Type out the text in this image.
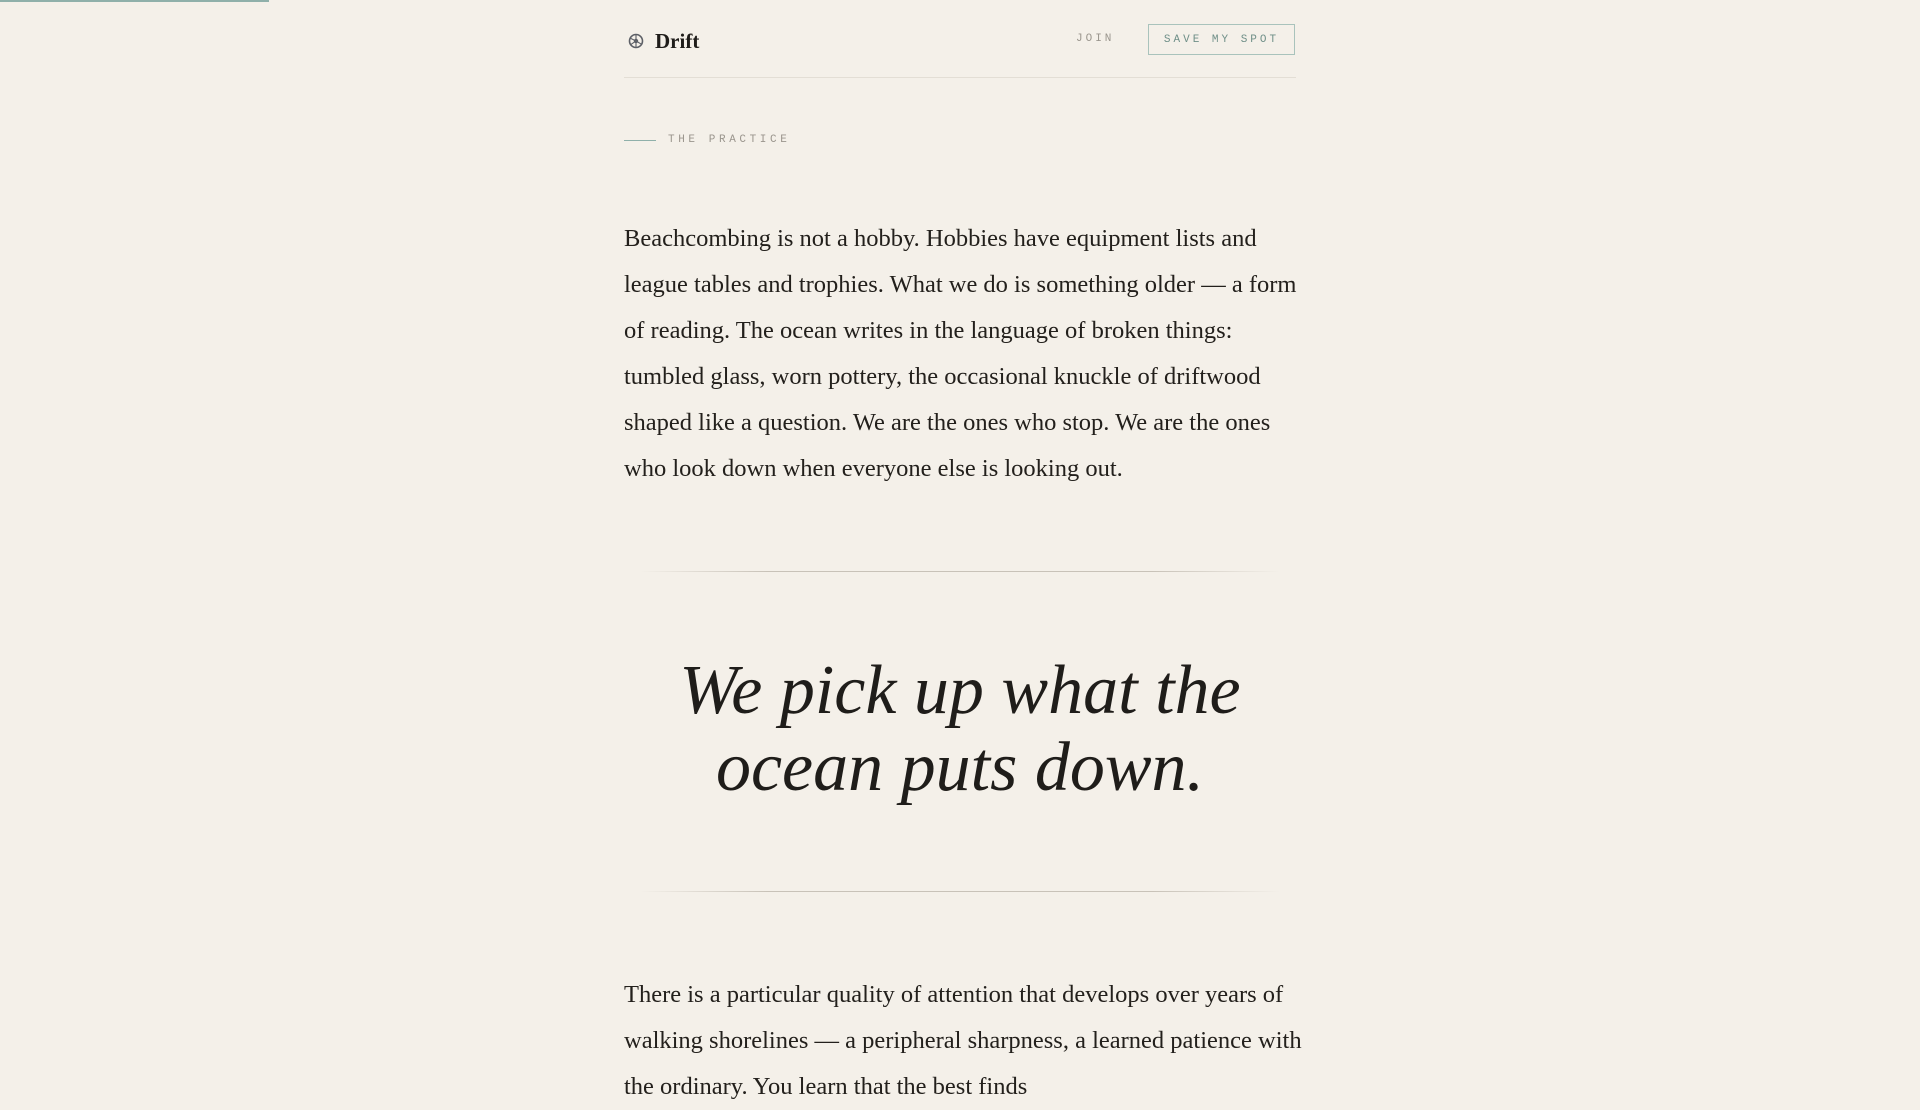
Drift	JOIN	SAVE MY SPOT
THE PRACTICE

Beachcombing is not a hobby. Hobbies have equipment lists and league tables and trophies. What we do is something older — a form of reading. The ocean writes in the language of broken things: tumbled glass, worn pottery, the occasional knuckle of driftwood shaped like a question. We are the ones who stop. We are the ones who look down when everyone else is looking out.

We pick up what the ocean puts down.

There is a particular quality of attention that develops over years of walking shorelines — a peripheral sharpness, a learned patience with the ordinary. You learn that the best finds
